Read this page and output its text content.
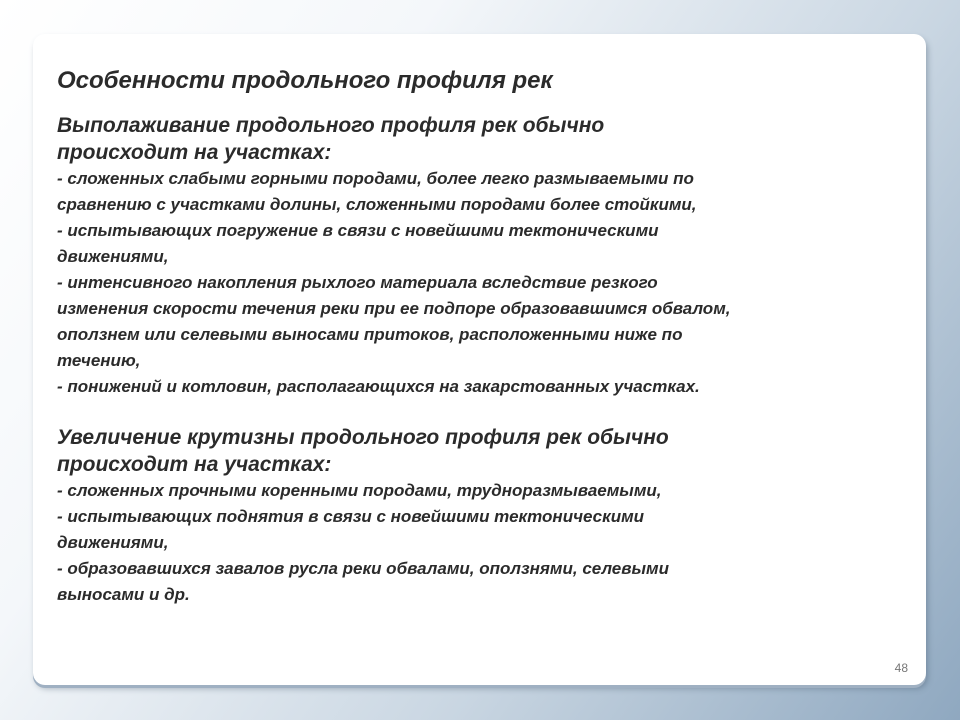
Особенности продольного профиля рек
Выполаживание продольного профиля рек обычно
происходит на участках:
- сложенных слабыми горными породами, более легко размываемыми по
сравнению с участками долины, сложенными породами более стойкими,
- испытывающих погружение в связи с новейшими тектоническими
движениями,
- интенсивного накопления рыхлого материала вследствие резкого
изменения скорости течения реки при ее подпоре образовавшимся обвалом,
оползнем или селевыми выносами притоков, расположенными ниже по
течению,
- понижений и котловин, располагающихся на закарстованных участках.
Увеличение крутизны продольного профиля рек обычно
происходит на участках:
- сложенных прочными коренными породами, трудноразмываемыми,
- испытывающих поднятия в связи с новейшими тектоническими
движениями,
- образовавшихся завалов русла реки обвалами, оползнями, селевыми
выносами и др.
48
